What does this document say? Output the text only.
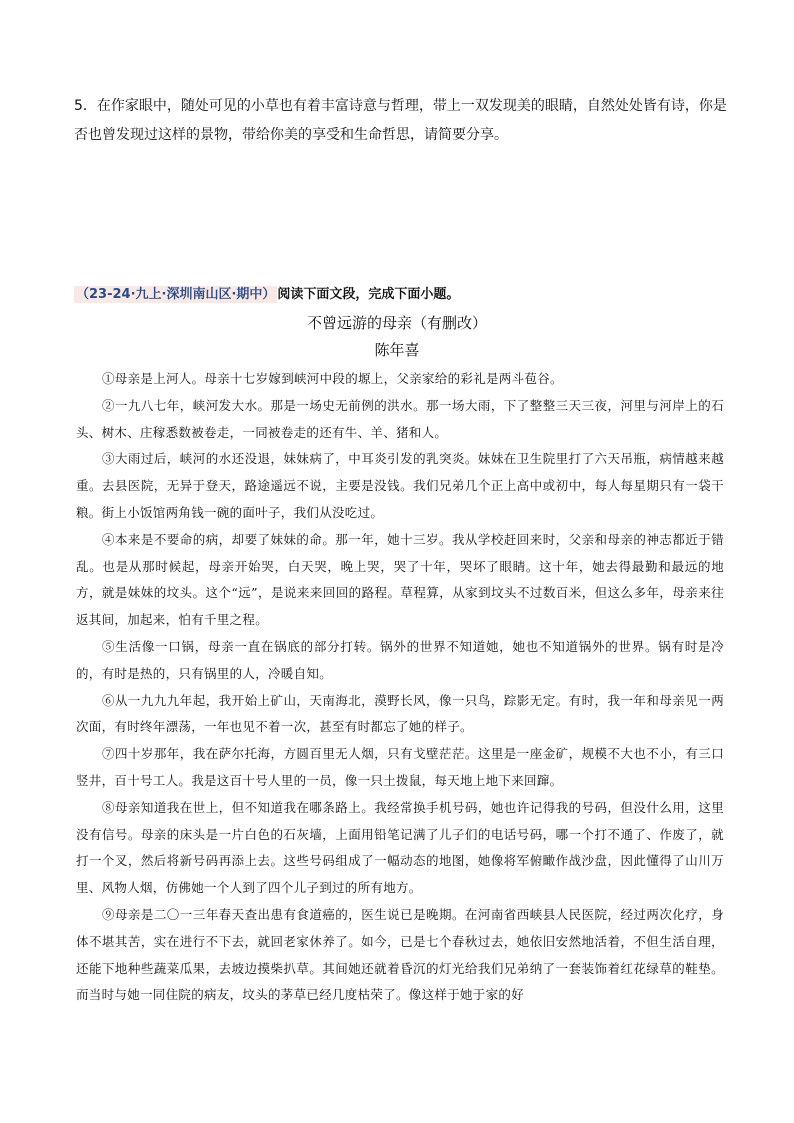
5．在作家眼中，随处可见的小草也有着丰富诗意与哲理，带上一双发现美的眼睛，自然处处皆有诗，你是否也曾发现过这样的景物，带给你美的享受和生命哲思，请简要分享。
（23-24·九上·深圳南山区·期中） 阅读下面文段，完成下面小题。
不曾远游的母亲（有删改）
陈年喜

①母亲是上河人。母亲十七岁嫁到峡河中段的塬上，父亲家给的彩礼是两斗苞谷。

②一九八七年，峡河发大水。那是一场史无前例的洪水。那一场大雨，下了整整三天三夜，河里与河岸上的石头、树木、庄稼悉数被卷走，一同被卷走的还有牛、羊、猪和人。

③大雨过后，峡河的水还没退，妹妹病了，中耳炎引发的乳突炎。妹妹在卫生院里打了六天吊瓶，病情越来越重。去县医院，无异于登天，路途遥远不说，主要是没钱。我们兄弟几个正上高中或初中，每人每星期只有一袋干粮。街上小饭馆两角钱一碗的面叶子，我们从没吃过。

④本来是不要命的病，却要了妹妹的命。那一年，她十三岁。我从学校赶回来时，父亲和母亲的神志都近于错乱。也是从那时候起，母亲开始哭，白天哭，晚上哭，哭了十年，哭坏了眼睛。这十年，她去得最勤和最远的地方，就是妹妹的坟头。这个“远”，是说来来回回的路程。草程算，从家到坟头不过数百米，但这么多年，母亲来往返其间，加起来，怕有千里之程。

⑤生活像一口锅，母亲一直在锅底的部分打转。锅外的世界不知道她，她也不知道锅外的世界。锅有时是冷的，有时是热的，只有锅里的人，冷暖自知。

⑥从一九九九年起，我开始上矿山，天南海北，漠野长风，像一只鸟，踪影无定。有时，我一年和母亲见一两次面，有时终年漂荡，一年也见不着一次，甚至有时都忘了她的样子。

⑦四十岁那年，我在萨尔托海，方圆百里无人烟，只有戈壁茫茫。这里是一座金矿，规模不大也不小，有三口竖井，百十号工人。我是这百十号人里的一员，像一只土拨鼠，每天地上地下来回蹿。

⑧母亲知道我在世上，但不知道我在哪条路上。我经常换手机号码，她也许记得我的号码，但没什么用，这里没有信号。母亲的床头是一片白色的石灰墙，上面用铅笔记满了儿子们的电话号码，哪一个打不通了、作废了，就打一个叉，然后将新号码再添上去。这些号码组成了一幅动态的地图，她像将军俯瞰作战沙盘，因此懂得了山川万里、风物人烟，仿佛她一个人到了四个儿子到过的所有地方。

⑨母亲是二〇一三年春天查出患有食道癌的，医生说已是晚期。在河南省西峡县人民医院，经过两次化疗，身体不堪其苦，实在进行不下去，就回老家休养了。如今，已是七个春秋过去，她依旧安然地活着，不但生活自理，还能下地种些蔬菜瓜果，去坡边摸柴扒草。其间她还就着昏沉的灯光给我们兄弟纳了一套装饰着红花绿草的鞋垫。而当时与她一同住院的病友，坟头的茅草已经几度枯荣了。像这样于她于家的好
